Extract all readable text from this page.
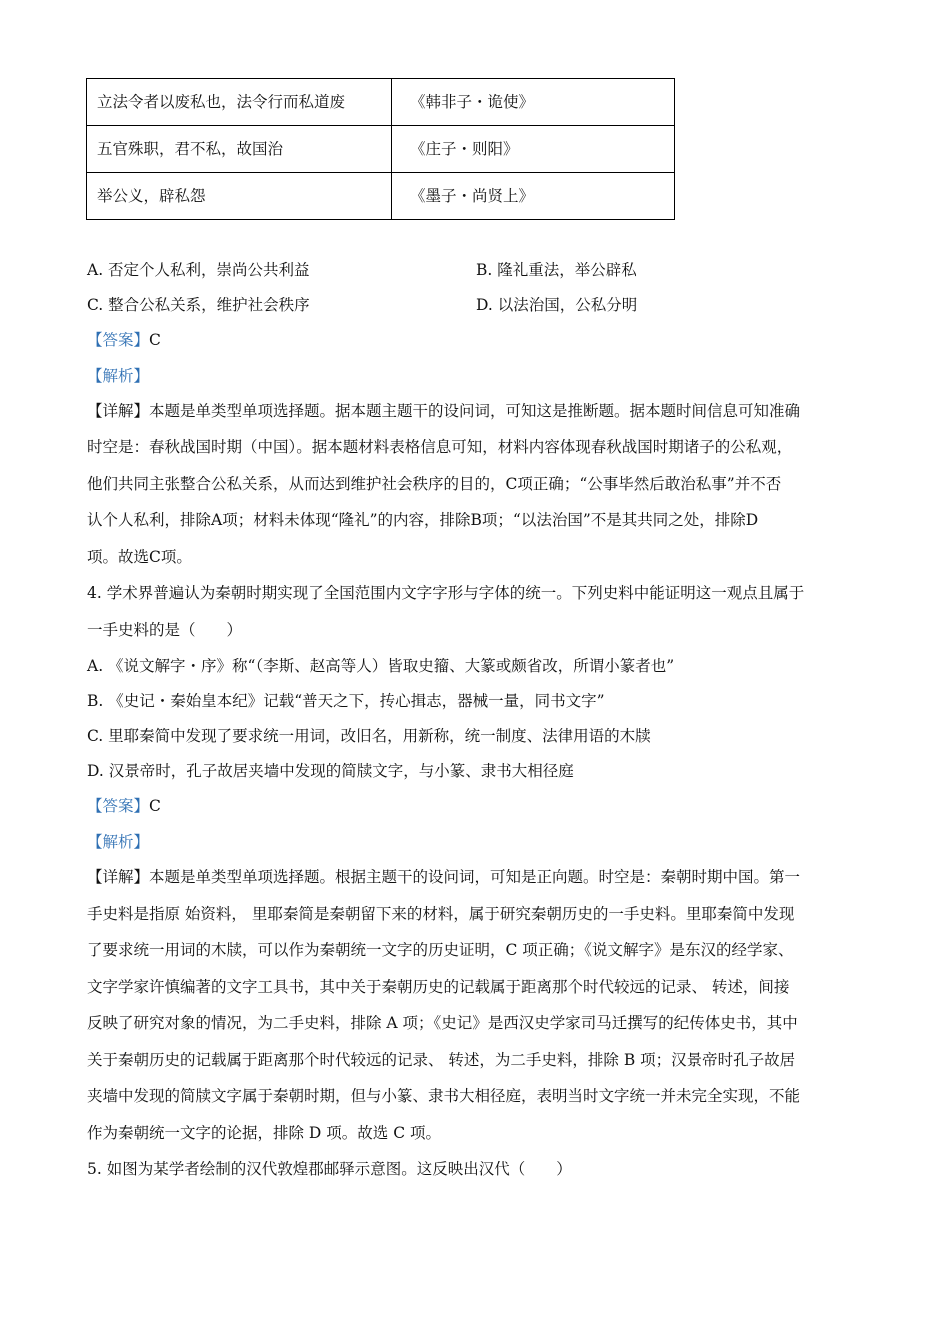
立法令者以废私也，法令行而私道废	《韩非子・诡使》
五官殊职，君不私，故国治	《庄子・则阳》
举公义，辟私怨	《墨子・尚贤上》
A. 否定个人私利，崇尚公共利益	B. 隆礼重法，举公辟私
C. 整合公私关系，维护社会秩序	D. 以法治国，公私分明
【答案】C
【解析】
【详解】本题是单类型单项选择题。据本题主题干的设问词，可知这是推断题。据本题时间信息可知准确
时空是：春秋战国时期（中国）。据本题材料表格信息可知，材料内容体现春秋战国时期诸子的公私观，
他们共同主张整合公私关系，从而达到维护社会秩序的目的，C项正确；“公事毕然后敢治私事”并不否
认个人私利，排除A项；材料未体现“隆礼”的内容，排除B项；“以法治国”不是其共同之处，排除D
项。故选C项。
4. 学术界普遍认为秦朝时期实现了全国范围内文字字形与字体的统一。下列史料中能证明这一观点且属于
一手史料的是（　　）
A. 《说文解字・序》称“（李斯、赵高等人）皆取史籀、大篆或颇省改，所谓小篆者也”
B. 《史记・秦始皇本纪》记载“普天之下，抟心揖志，器械一量，同书文字”
C. 里耶秦简中发现了要求统一用词，改旧名，用新称，统一制度、法律用语的木牍
D. 汉景帝时，孔子故居夹墙中发现的简牍文字，与小篆、隶书大相径庭
【答案】C
【解析】
【详解】本题是单类型单项选择题。根据主题干的设问词，可知是正向题。时空是：秦朝时期中国。第一
手史料是指原 始资料， 里耶秦简是秦朝留下来的材料，属于研究秦朝历史的一手史料。里耶秦简中发现
了要求统一用词的木牍，可以作为秦朝统一文字的历史证明，C 项正确；《说文解字》是东汉的经学家、
文字学家许慎编著的文字工具书，其中关于秦朝历史的记载属于距离那个时代较远的记录、 转述，间接
反映了研究对象的情况，为二手史料，排除 A 项；《史记》是西汉史学家司马迁撰写的纪传体史书，其中
关于秦朝历史的记载属于距离那个时代较远的记录、 转述，为二手史料，排除 B 项；汉景帝时孔子故居
夹墙中发现的简牍文字属于秦朝时期，但与小篆、隶书大相径庭，表明当时文字统一并未完全实现，不能
作为秦朝统一文字的论据，排除 D 项。故选 C 项。
5. 如图为某学者绘制的汉代敦煌郡邮驿示意图。这反映出汉代（　　）
